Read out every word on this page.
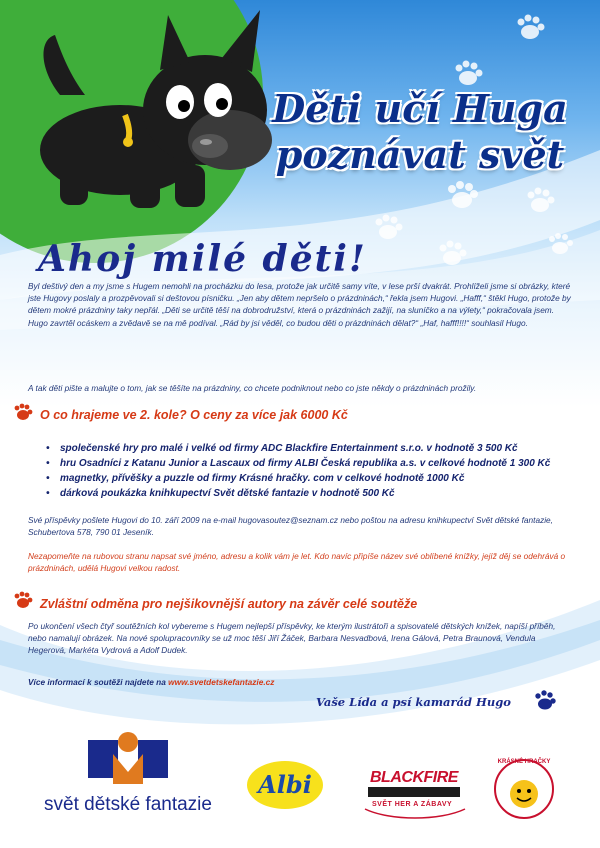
Děti učí Huga
poznávat svět
Ahoj milé děti!

Byl deštivý den a my jsme s Hugem nemohli na procházku do lesa, protože jak určitě samy víte, v lese prší dvakrát. Prohlíželi jsme si obrázky, které jste Hugovy poslaly a prozpěvovali si deštovou písničku. „Jen aby dětem nepršelo o prázdninách,“ řekla jsem Hugovi. „Hafff,“ štěkl Hugo, protože by dětem mokré prázdniny taky nepřál. „Děti se určitě těší na dobrodružství, která o prázdninách zažijí, na sluníčko a na výlety,“ pokračovala jsem. Hugo zavrtěl ocáskem a zvědavě se na mě podíval. „Rád by jsi věděl, co budou děti o prázdninách dělat?“ „Haf, hafff!!!!“ souhlasil Hugo.

A tak děti pište a malujte o tom, jak se těšíte na prázdniny, co chcete podniknout nebo co jste někdy o prázdninách prožily.

O co hrajeme ve 2. kole? O ceny za více jak 6000 Kč
• společenské hry pro malé i velké od firmy ADC Blackfire Entertainment s.r.o. v hodnotě 3 500 Kč
• hru Osadníci z Katanu Junior a Lascaux od firmy ALBI Česká republika a.s. v celkové hodnotě 1 300 Kč
• magnetky, přívěšky a puzzle od firmy Krásné hračky. com v celkové hodnotě 1000 Kč
• dárková poukázka knihkupectví Svět dětské fantazie v hodnotě 500 Kč

Své příspěvky pošlete Hugovi do 10. září 2009 na e-mail hugovasoutez@seznam.cz nebo poštou na adresu knihkupectví Svět dětské fantazie, Schubertova 578, 790 01 Jeseník.

Nezapomeňte na rubovou stranu napsat své jméno, adresu a kolik vám je let. Kdo navíc připíše název své oblíbené knížky, jejíž děj se odehrává o prázdninách, udělá Hugovi velkou radost.

Zvláštní odměna pro nejšikovnější autory na závěr celé soutěže

Po ukončení všech čtyř soutěžních kol vybereme s Hugem nejlepší příspěvky, ke kterým ilustrátoři a spisovatelé dětských knížek, napíší příběh, nebo namalují obrázek. Na nové spolupracovníky se už moc těší Jiří Žáček, Barbara Nesvadbová, Irena Gálová, Petra Braunová, Vendula Hegerová, Markéta Vydrová a Adolf Dudek.

Více informací k soutěži najdete na www.svetdetskefantazie.cz
Vaše Lída a psí kamarád Hugo
svět dětské fantazie
Albi	BLACKFIRE
SVĚT HER A ZÁBAVY
KRÁSNÉ HRAČKY
